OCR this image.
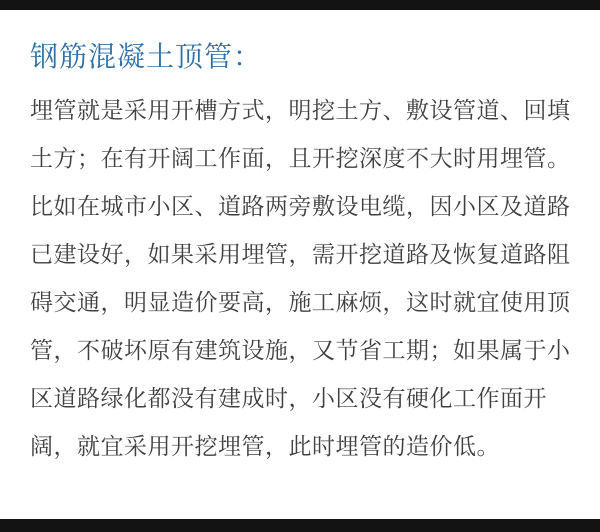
钢筋混凝土顶管：
埋管就是采用开槽方式，明挖土方、敷设管道、回填
土方；在有开阔工作面，且开挖深度不大时用埋管。
比如在城市小区、道路两旁敷设电缆，因小区及道路
已建设好，如果采用埋管，需开挖道路及恢复道路阻
碍交通，明显造价要高，施工麻烦，这时就宜使用顶
管，不破坏原有建筑设施，又节省工期；如果属于小
区道路绿化都没有建成时，小区没有硬化工作面开
阔，就宜采用开挖埋管，此时埋管的造价低。
